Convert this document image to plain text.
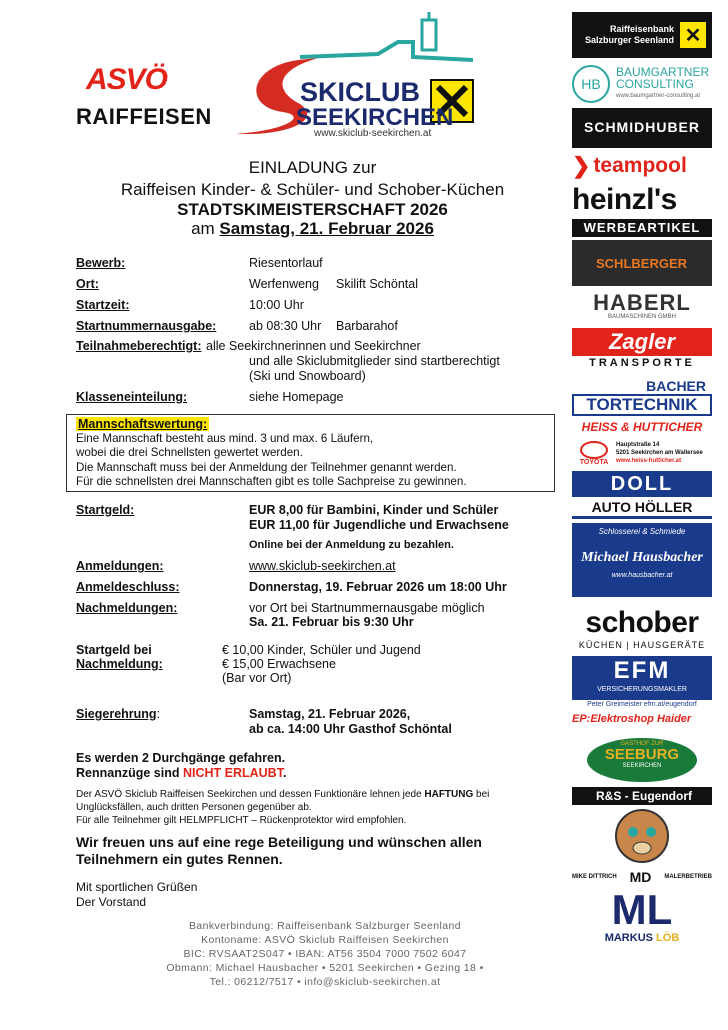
ASVÖ
RAIFFEISEN
SKICLUB
SEEKIRCHEN
www.skiclub-seekirchen.at
EINLADUNG zur
Raiffeisen Kinder- & Schüler- und Schober-Küchen
STADTSKIMEISTERSCHAFT 2026
am Samstag, 21. Februar 2026
Bewerb:	Riesentorlauf
Ort:	Werfenweng Skilift Schöntal
Startzeit:	10:00 Uhr
Startnummernausgabe:	ab 08:30 Uhr Barbarahof
Teilnahmeberechtigt: alle Seekirchnerinnen und Seekirchner
und alle Skiclubmitglieder sind startberechtigt
(Ski und Snowboard)
Klasseneinteilung:	siehe Homepage
Mannschaftswertung:
Eine Mannschaft besteht aus mind. 3 und max. 6 Läufern,
wobei die drei Schnellsten gewertet werden.
Die Mannschaft muss bei der Anmeldung der Teilnehmer genannt werden.
Für die schnellsten drei Mannschaften gibt es tolle Sachpreise zu gewinnen.
Startgeld:	EUR 8,00 für Bambini, Kinder und Schüler
EUR 11,00 für Jugendliche und Erwachsene
Online bei der Anmeldung zu bezahlen.
Anmeldungen:	www.skiclub-seekirchen.at
Anmeldeschluss:	Donnerstag, 19. Februar 2026 um 18:00 Uhr
Nachmeldungen:	vor Ort bei Startnummernausgabe möglich
Sa. 21. Februar bis 9:30 Uhr
Startgeld bei
Nachmeldung:
€ 10,00 Kinder, Schüler und Jugend
€ 15,00 Erwachsene
(Bar vor Ort)
Siegerehrung:	Samstag, 21. Februar 2026,
ab ca. 14:00 Uhr Gasthof Schöntal
Es werden 2 Durchgänge gefahren.
Rennanzüge sind NICHT ERLAUBT.
Der ASVÖ Skiclub Raiffeisen Seekirchen und dessen Funktionäre lehnen jede HAFTUNG bei
Unglücksfällen, auch dritten Personen gegenüber ab.
Für alle Teilnehmer gilt HELMPFLICHT – Rückenprotektor wird empfohlen.
Wir freuen uns auf eine rege Beteiligung und wünschen allen
Teilnehmern ein gutes Rennen.
Mit sportlichen Grüßen
Der Vorstand
Bankverbindung: Raiffeisenbank Salzburger Seenland
Kontoname: ASVÖ Skiclub Raiffeisen Seekirchen
BIC: RVSAAT2S047 • IBAN: AT56 3504 7000 7502 6047
Obmann: Michael Hausbacher • 5201 Seekirchen • Gezing 18 •
Tel.: 06212/7517 • info@skiclub-seekirchen.at
Raiffeisenbank
Salzburger Seenland ✕
HB
BAUMGARTNER
CONSULTING
www.baumgartner-consulting.at
SCHMIDHUBER
❯ teampool
heinzl's
WERBEARTIKEL
SCHLBERGER
HABERL
BAUMASCHINEN GMBH
Zagler
TRANSPORTE
BACHER
TORTECHNIK
HEISS & HUTTICHER
TOYOTA
Hauptstraße 14
5201 Seekirchen am Wallersee
www.heiss-hutticher.at
DOLL
AUTO HÖLLER
Schlosserei & Schmiede
Michael Hausbacher
www.hausbacher.at
schober
KÜCHEN | HAUSGERÄTE
EFM
VERSICHERUNGSMAKLER
Peter Greimeister efm.at/eugendorf
EP:Elektroshop Haider
GASTHOF ZUR
SEEBURG
SEEKIRCHEN
R&S - Eugendorf
MIKE DITTRICH MD MALERBETRIEB
ML
MARKUS LÖB
